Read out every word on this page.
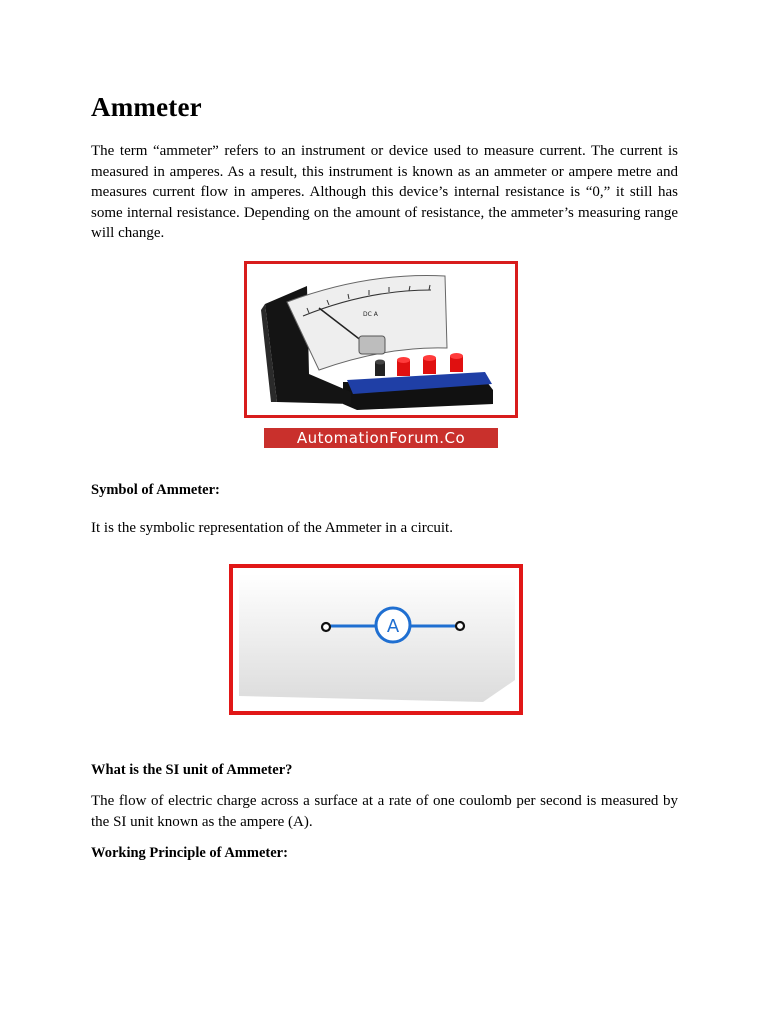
Ammeter

The term “ammeter” refers to an instrument or device used to measure current. The current is measured in amperes. As a result, this instrument is known as an ammeter or ampere metre and measures current flow in amperes. Although this device’s internal resistance is “0,” it still has some internal resistance. Depending on the amount of resistance, the ammeter’s measuring range will change.

DC A
AutomationForum.Co

Symbol of Ammeter:

It is the symbolic representation of the Ammeter in a circuit.

A

What is the SI unit of Ammeter?

The flow of electric charge across a surface at a rate of one coulomb per second is measured by the SI unit known as the ampere (A).

Working Principle of Ammeter:
